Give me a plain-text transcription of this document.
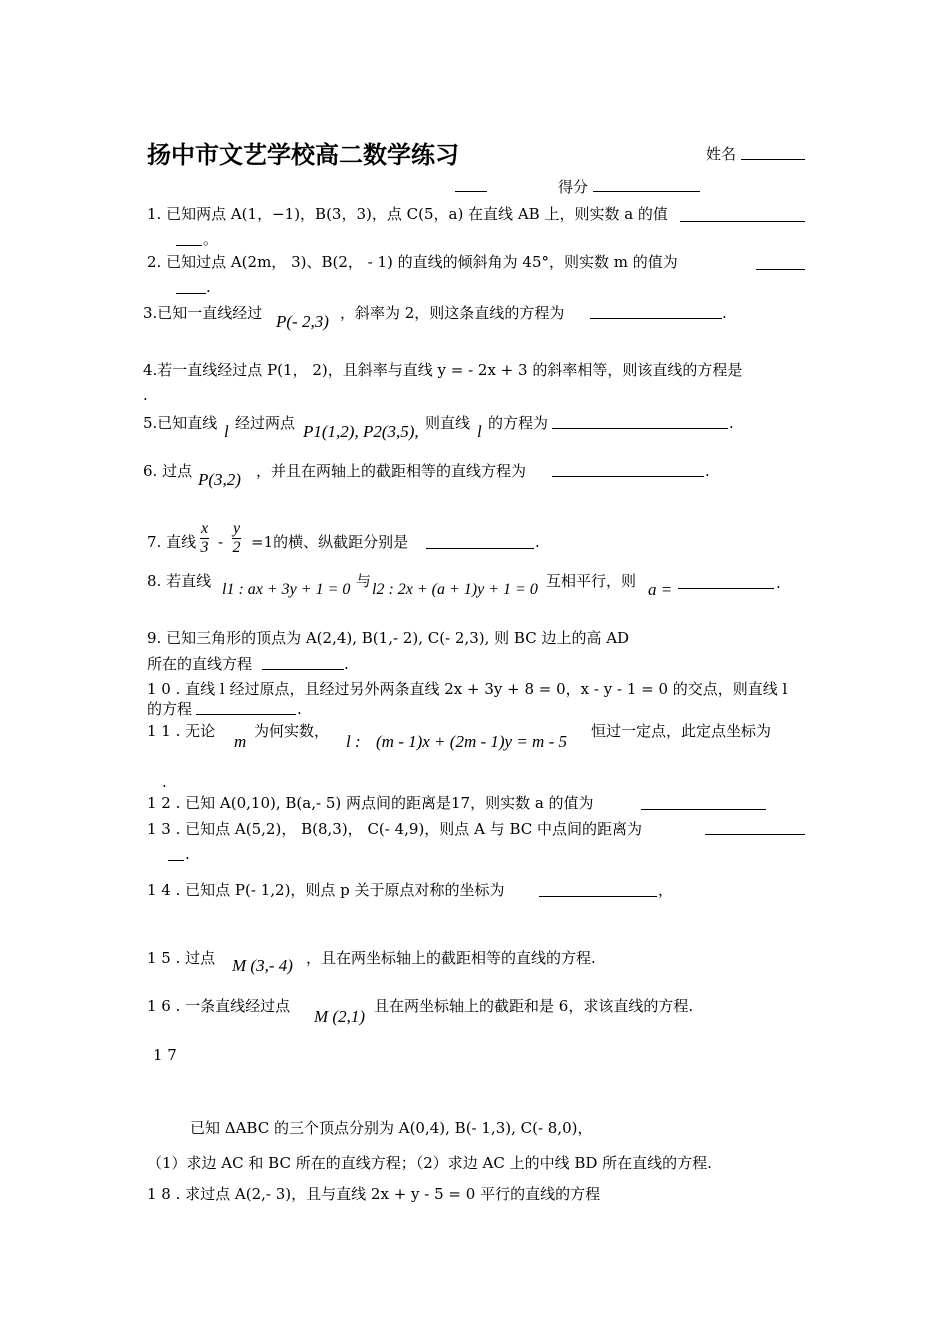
扬中市文艺学校高二数学练习	姓名
得分
1. 已知两点 A(1，−1)，B(3，3)，点 C(5，a) 在直线 AB 上，则实数 a 的值
。
2. 已知过点 A(2m， 3)、B(2， - 1) 的直线的倾斜角为 45°，则实数 m 的值为
.
3.已知一直线经过 P(- 2,3) ，斜率为 2，则这条直线的方程为	.
4.若一直线经过点 P(1， 2)，且斜率与直线 y = - 2x + 3 的斜率相等，则该直线的方程是
.
5.已知直线 l 经过两点 P1(1,2), P2(3,5), 则直线 l 的方程为	.
6. 过点 P(3,2) ，并且在两轴上的截距相等的直线方程为	.
7. 直线 $\frac{x}{3} - \frac{y}{2} =1$的横、纵截距分别是	.
8. 若直线 l1 : ax + 3y + 1 = 0 与 l2 : 2x + (a + 1)y + 1 = 0 互相平行，则 a =	.
9. 已知三角形的顶点为 A(2,4), B(1,- 2), C(- 2,3), 则 BC 边上的高 AD
所在的直线方程	.
1 0 . 直线 l 经过原点，且经过另外两条直线 2x + 3y + 8 = 0，x - y - 1 = 0 的交点，则直线 l
的方程	.
1 1 . 无论
m
为何实数，
l : (m - 1)x + (2m - 1)y = m - 5
恒过一定点，此定点坐标为
.
1 2 . 已知 A(0,10), B(a,- 5) 两点间的距离是17，则实数 a 的值为
1 3 . 已知点 A(5,2)， B(8,3)， C(- 4,9)，则点 A 与 BC 中点间的距离为
.
1 4 . 已知点 P(- 1,2)，则点 p 关于原点对称的坐标为	，
1 5 . 过点 M (3,- 4) ，且在两坐标轴上的截距相等的直线的方程.
1 6 . 一条直线经过点
M (2,1)
且在两坐标轴上的截距和是 6，求该直线的方程.
1 7
已知 ΔABC 的三个顶点分别为 A(0,4), B(- 1,3), C(- 8,0)，
（1）求边 AC 和 BC 所在的直线方程；（2）求边 AC 上的中线 BD 所在直线的方程.
1 8 . 求过点 A(2,- 3)，且与直线 2x + y - 5 = 0 平行的直线的方程
